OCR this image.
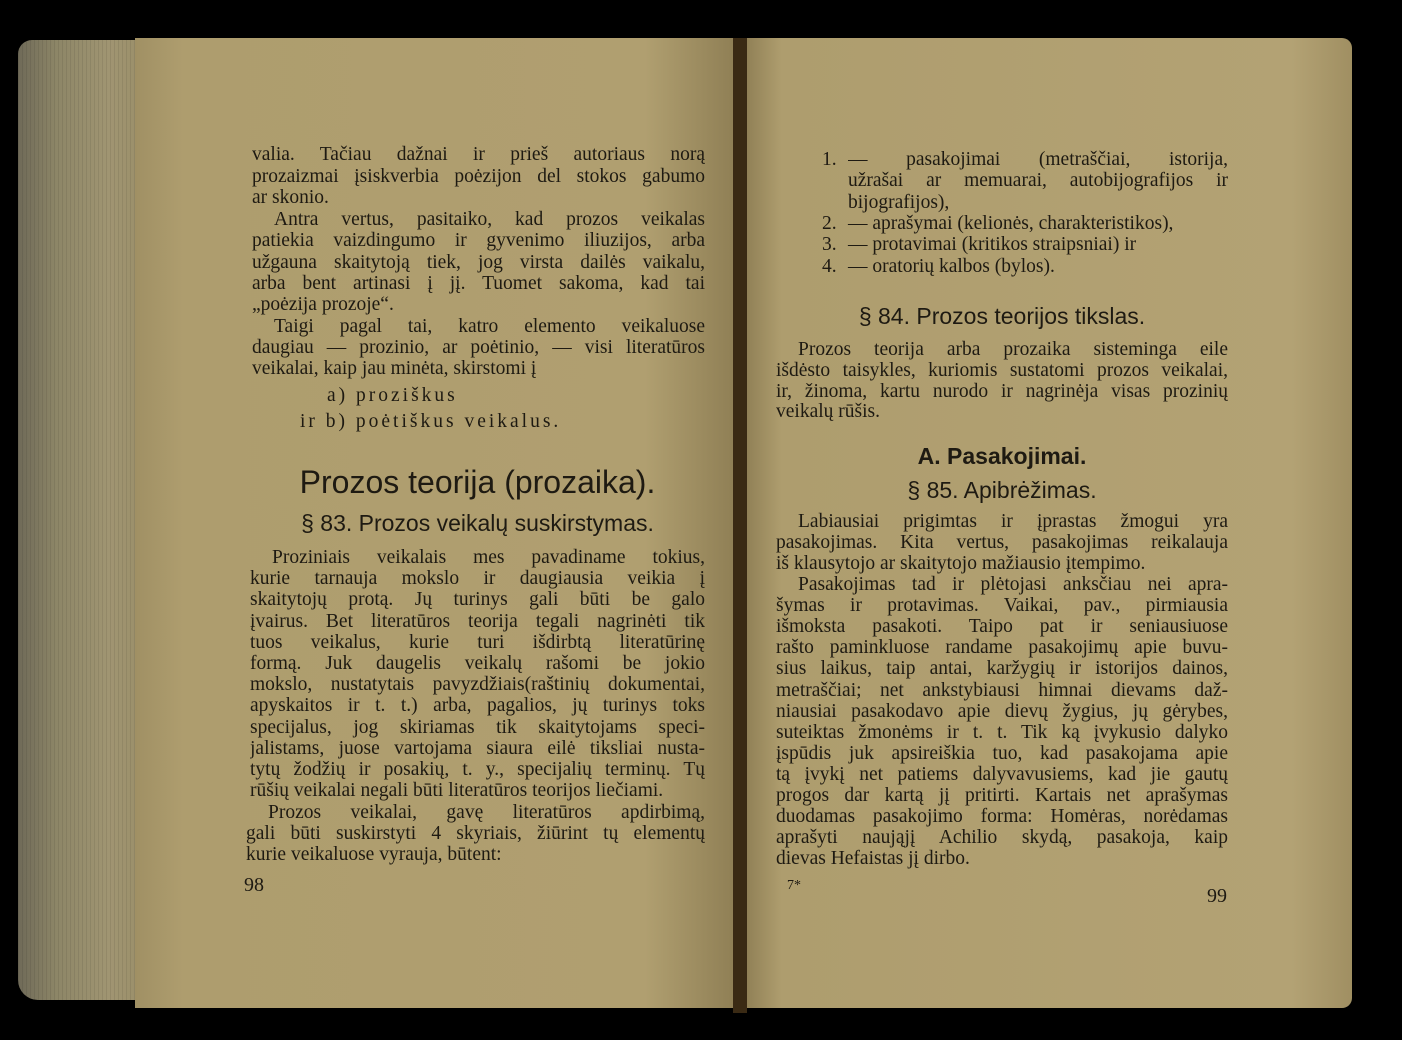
valia. Tačiau dažnai ir prieš autoriaus norą
prozaizmai įsiskverbia poėzijon del stokos gabumo
ar skonio.
Antra vertus, pasitaiko, kad prozos veikalas
patiekia vaizdingumo ir gyvenimo iliuzijos, arba
užgauna skaitytoją tiek, jog virsta dailės vaikalu,
arba bent artinasi į jį. Tuomet sakoma, kad tai
„poėzija prozoje“.
Taigi pagal tai, katro elemento veikaluose
daugiau — prozinio, ar poėtinio, — visi literatūros
veikalai, kaip jau minėta, skirstomi į
Proziniais veikalais mes pavadiname tokius,
kurie tarnauja mokslo ir daugiausia veikia į
skaitytojų protą. Jų turinys gali būti be galo
įvairus. Bet literatūros teorija tegali nagrinėti tik
tuos veikalus, kurie turi išdirbtą literatūrinę
formą. Juk daugelis veikalų rašomi be jokio
mokslo, nustatytais pavyzdžiais(raštinių dokumentai,
apyskaitos ir t. t.) arba, pagalios, jų turinys toks
specijalus, jog skiriamas tik skaitytojams speci-
jalistams, juose vartojama siaura eilė tiksliai nusta-
tytų žodžių ir posakių, t. y., specijalių terminų. Tų
rūšių veikalai negali būti literatūros teorijos liečiami.
Prozos veikalai, gavę literatūros apdirbimą,
gali būti suskirstyti 4 skyriais, žiūrint tų elementų
kurie veikaluose vyrauja, būtent:
1. — pasakojimai (metraščiai, istorija,
užrašai ar memuarai, autobijografijos ir
bijografijos),
2. — aprašymai (kelionės, charakteristikos),
3. — protavimai (kritikos straipsniai) ir
4. — oratorių kalbos (bylos).
Prozos teorija arba prozaika sisteminga eile
išdėsto taisykles, kuriomis sustatomi prozos veikalai,
ir, žinoma, kartu nurodo ir nagrinėja visas prozinių
veikalų rūšis.
Labiausiai prigimtas ir įprastas žmogui yra
pasakojimas. Kita vertus, pasakojimas reikalauja
iš klausytojo ar skaitytojo mažiausio įtempimo.
Pasakojimas tad ir plėtojasi anksčiau nei apra-
šymas ir protavimas. Vaikai, pav., pirmiausia
išmoksta pasakoti. Taipo pat ir seniausiuose
rašto paminkluose randame pasakojimų apie buvu-
sius laikus, taip antai, karžygių ir istorijos dainos,
metraščiai; net ankstybiausi himnai dievams daž-
niausiai pasakodavo apie dievų žygius, jų gėrybes,
suteiktas žmonėms ir t. t. Tik ką įvykusio dalyko
įspūdis juk apsireiškia tuo, kad pasakojama apie
tą įvykį net patiems dalyvavusiems, kad jie gautų
progos dar kartą jį pritirti. Kartais net aprašymas
duodamas pasakojimo forma: Homėras, norėdamas
aprašyti naująjį Achilio skydą, pasakoja, kaip
dievas Hefaistas jį dirbo.
Prozos teorija (prozaika).
§ 83. Prozos veikalų suskirstymas.
a) proziškus
ir b) poėtiškus veikalus.
98
§ 84. Prozos teorijos tikslas.
A. Pasakojimai.
§ 85. Apibrėžimas.
7*	99
